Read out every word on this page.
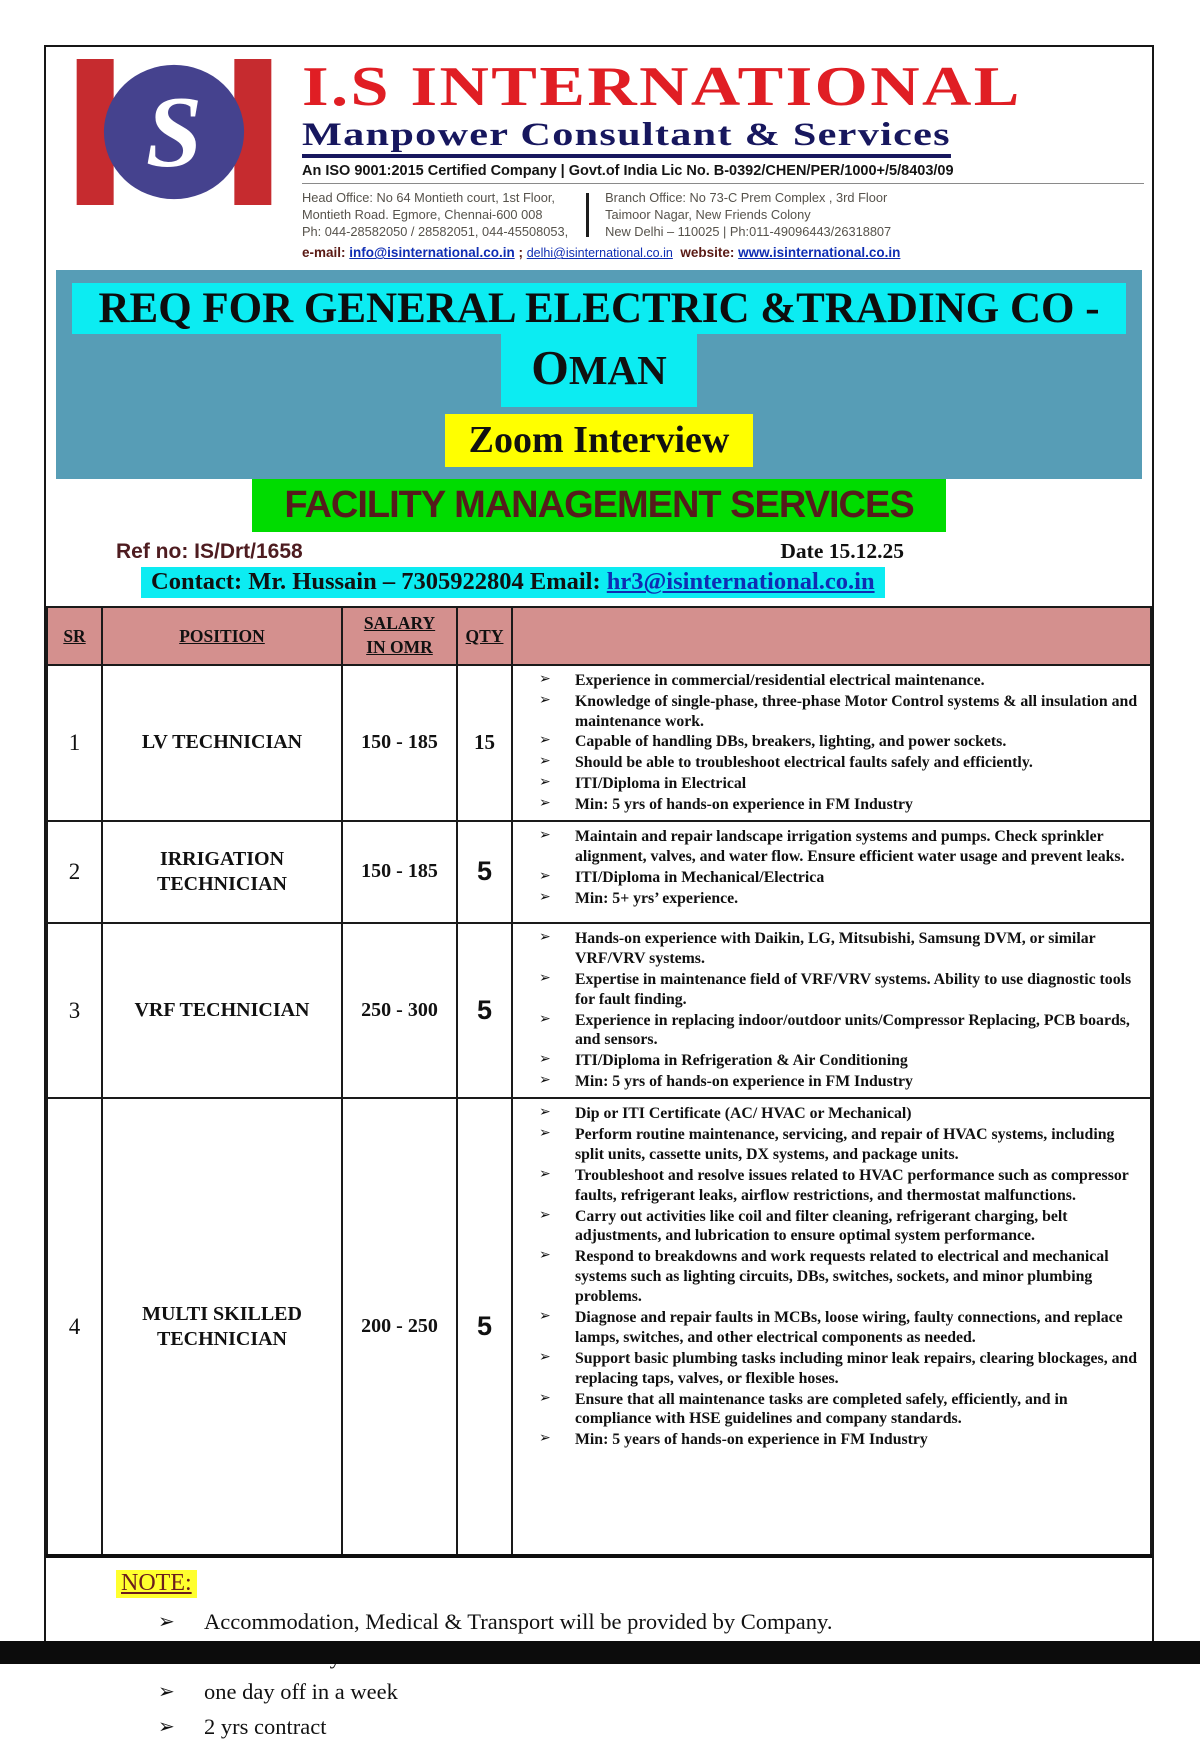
S I.S INTERNATIONAL
Manpower Consultant & Services
An ISO 9001:2015 Certified Company | Govt.of India Lic No. B-0392/CHEN/PER/1000+/5/8403/09
Head Office: No 64 Montieth court, 1st Floor,
Montieth Road. Egmore, Chennai-600 008
Ph: 044-28582050 / 28582051, 044-45508053,
Branch Office: No 73-C Prem Complex , 3rd Floor
Taimoor Nagar, New Friends Colony
New Delhi – 110025 | Ph:011-49096443/26318807
e-mail: info@isinternational.co.in ; delhi@isinternational.co.in website: www.isinternational.co.in
REQ FOR GENERAL ELECTRIC &TRADING CO -
OMAN
Zoom Interview
FACILITY MANAGEMENT SERVICES
Ref no: IS/Drt/1658	Date 15.12.25
Contact: Mr. Hussain – 7305922804 Email: hr3@isinternational.co.in
SR	POSITION	SALARY IN OMR	QTY	
1	LV TECHNICIAN	150 - 185	15	
➢ Experience in commercial/residential electrical maintenance.
➢ Knowledge of single-phase, three-phase Motor Control systems & all insulation and maintenance work.
➢ Capable of handling DBs, breakers, lighting, and power sockets.
➢ Should be able to troubleshoot electrical faults safely and efficiently.
➢ ITI/Diploma in Electrical
➢ Min: 5 yrs of hands-on experience in FM Industry

2	IRRIGATION TECHNICIAN	150 - 185	5	
➢ Maintain and repair landscape irrigation systems and pumps. Check sprinkler alignment, valves, and water flow. Ensure efficient water usage and prevent leaks.
➢ ITI/Diploma in Mechanical/Electrica
➢ Min: 5+ yrs’ experience.

3	VRF TECHNICIAN	250 - 300	5	
➢ Hands-on experience with Daikin, LG, Mitsubishi, Samsung DVM, or similar VRF/VRV systems.
➢ Expertise in maintenance field of VRF/VRV systems. Ability to use diagnostic tools for fault finding.
➢ Experience in replacing indoor/outdoor units/Compressor Replacing, PCB boards, and sensors.
➢ ITI/Diploma in Refrigeration & Air Conditioning
➢ Min: 5 yrs of hands-on experience in FM Industry

4	MULTI SKILLED TECHNICIAN	200 - 250	5	
➢ Dip or ITI Certificate (AC/ HVAC or Mechanical)
➢ Perform routine maintenance, servicing, and repair of HVAC systems, including split units, cassette units, DX systems, and package units.
➢ Troubleshoot and resolve issues related to HVAC performance such as compressor faults, refrigerant leaks, airflow restrictions, and thermostat malfunctions.
➢ Carry out activities like coil and filter cleaning, refrigerant charging, belt adjustments, and lubrication to ensure optimal system performance.
➢ Respond to breakdowns and work requests related to electrical and mechanical systems such as lighting circuits, DBs, switches, sockets, and minor plumbing problems.
➢ Diagnose and repair faults in MCBs, loose wiring, faulty connections, and replace lamps, switches, and other electrical components as needed.
➢ Support basic plumbing tasks including minor leak repairs, clearing blockages, and replacing taps, valves, or flexible hoses.
➢ Ensure that all maintenance tasks are completed safely, efficiently, and in compliance with HSE guidelines and company standards.
➢ Min: 5 years of hands-on experience in FM Industry
NOTE:
➢ Accommodation, Medical & Transport will be provided by Company.
➢ one day off in a week
➢ 2 yrs contract
